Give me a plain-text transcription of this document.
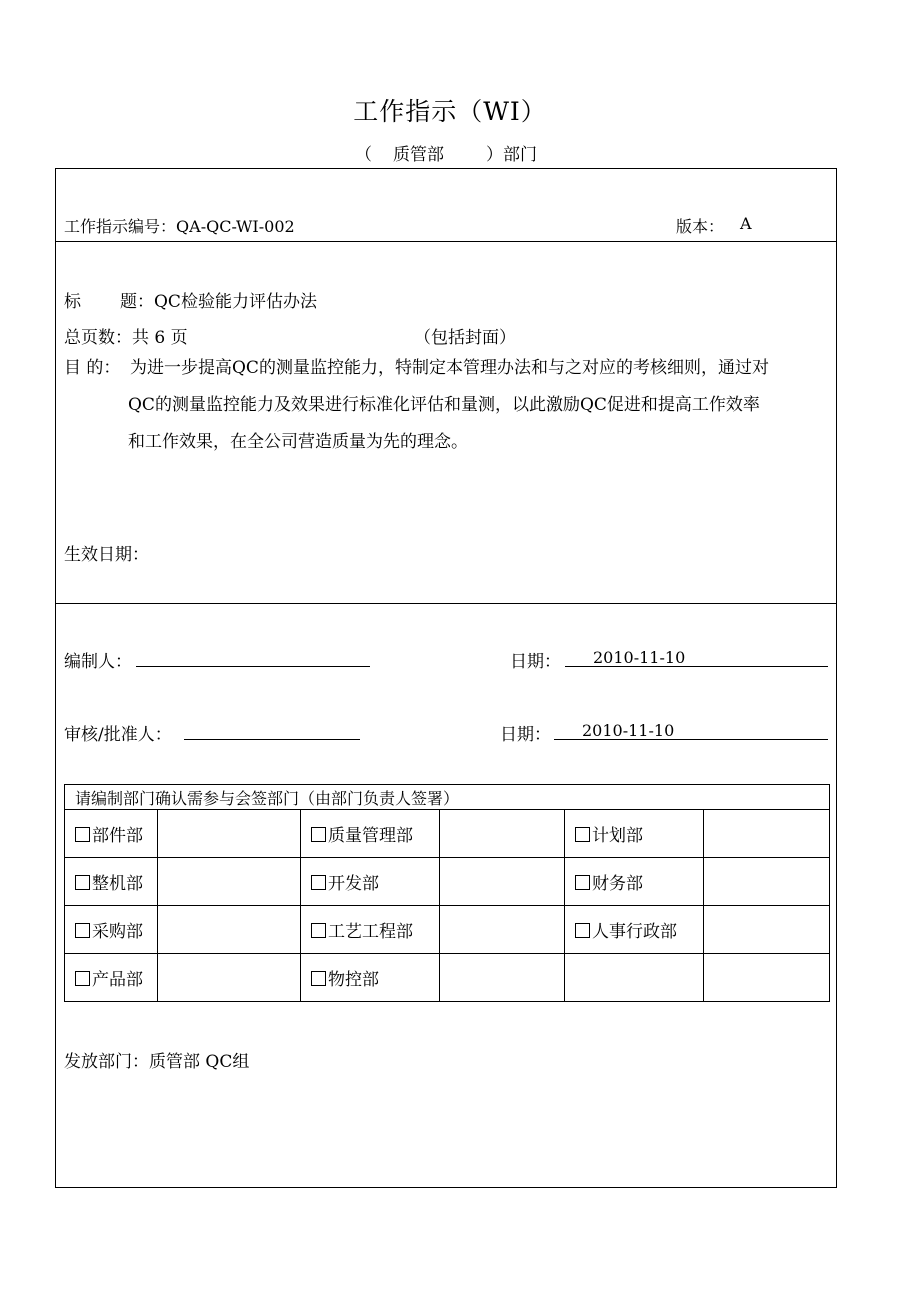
工作指示（WI）
（ 质管部 ）部门
工作指示编号：QA-QC-WI-002	版本： A
标 题：QC检验能力评估办法
总页数：共 6 页	（包括封面）
目 的： 为进一步提高QC的测量监控能力，特制定本管理办法和与之对应的考核细则，通过对
QC的测量监控能力及效果进行标准化评估和量测，以此激励QC促进和提高工作效率
和工作效果，在全公司营造质量为先的理念。
生效日期：
编制人：	日期： 2010-11-10
审核/批准人：	日期： 2010-11-10
请编制部门确认需参与会签部门（由部门负责人签署）					
部件部		质量管理部		计划部	
整机部		开发部		财务部	
采购部		工艺工程部		人事行政部	
产品部		物控部			
发放部门：质管部 QC组
